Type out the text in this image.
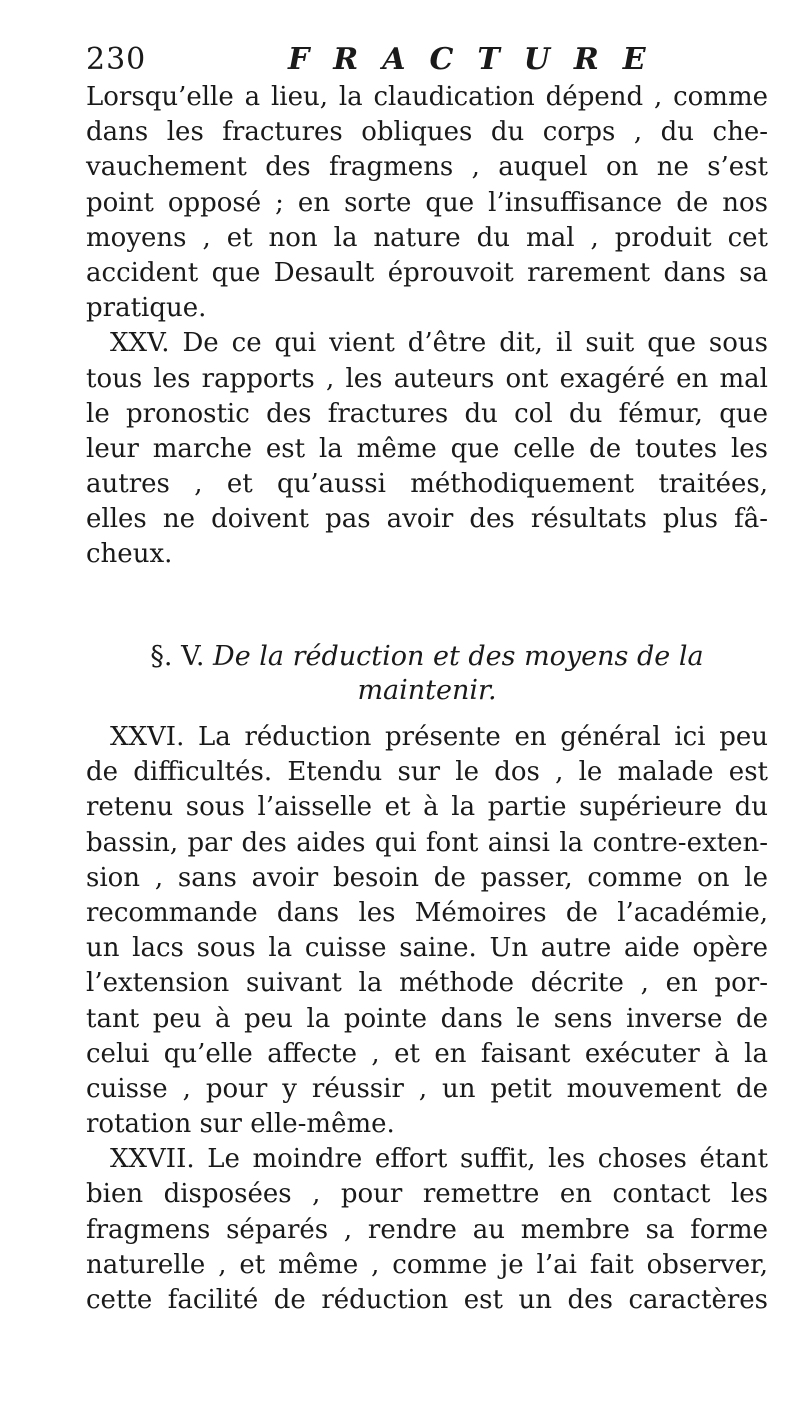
230	FRACTURE
Lorsqu’elle a lieu, la claudication dépend , comme
dans les fractures obliques du corps , du che-
vauchement des fragmens , auquel on ne s’est
point opposé ; en sorte que l’insuffisance de nos
moyens , et non la nature du mal , produit cet
accident que Desault éprouvoit rarement dans sa
pratique.
XXV. De ce qui vient d’être dit, il suit que sous
tous les rapports , les auteurs ont exagéré en mal
le pronostic des fractures du col du fémur, que
leur marche est la même que celle de toutes les
autres , et qu’aussi méthodiquement traitées,
elles ne doivent pas avoir des résultats plus fâ-
cheux.
§. V. De la réduction et des moyens de la
maintenir.
XXVI. La réduction présente en général ici peu
de difficultés. Etendu sur le dos , le malade est
retenu sous l’aisselle et à la partie supérieure du
bassin, par des aides qui font ainsi la contre-exten-
sion , sans avoir besoin de passer, comme on le
recommande dans les Mémoires de l’académie,
un lacs sous la cuisse saine. Un autre aide opère
l’extension suivant la méthode décrite , en por-
tant peu à peu la pointe dans le sens inverse de
celui qu’elle affecte , et en faisant exécuter à la
cuisse , pour y réussir , un petit mouvement de
rotation sur elle-même.
XXVII. Le moindre effort suffit, les choses étant
bien disposées , pour remettre en contact les
fragmens séparés , rendre au membre sa forme
naturelle , et même , comme je l’ai fait observer,
cette facilité de réduction est un des caractères
